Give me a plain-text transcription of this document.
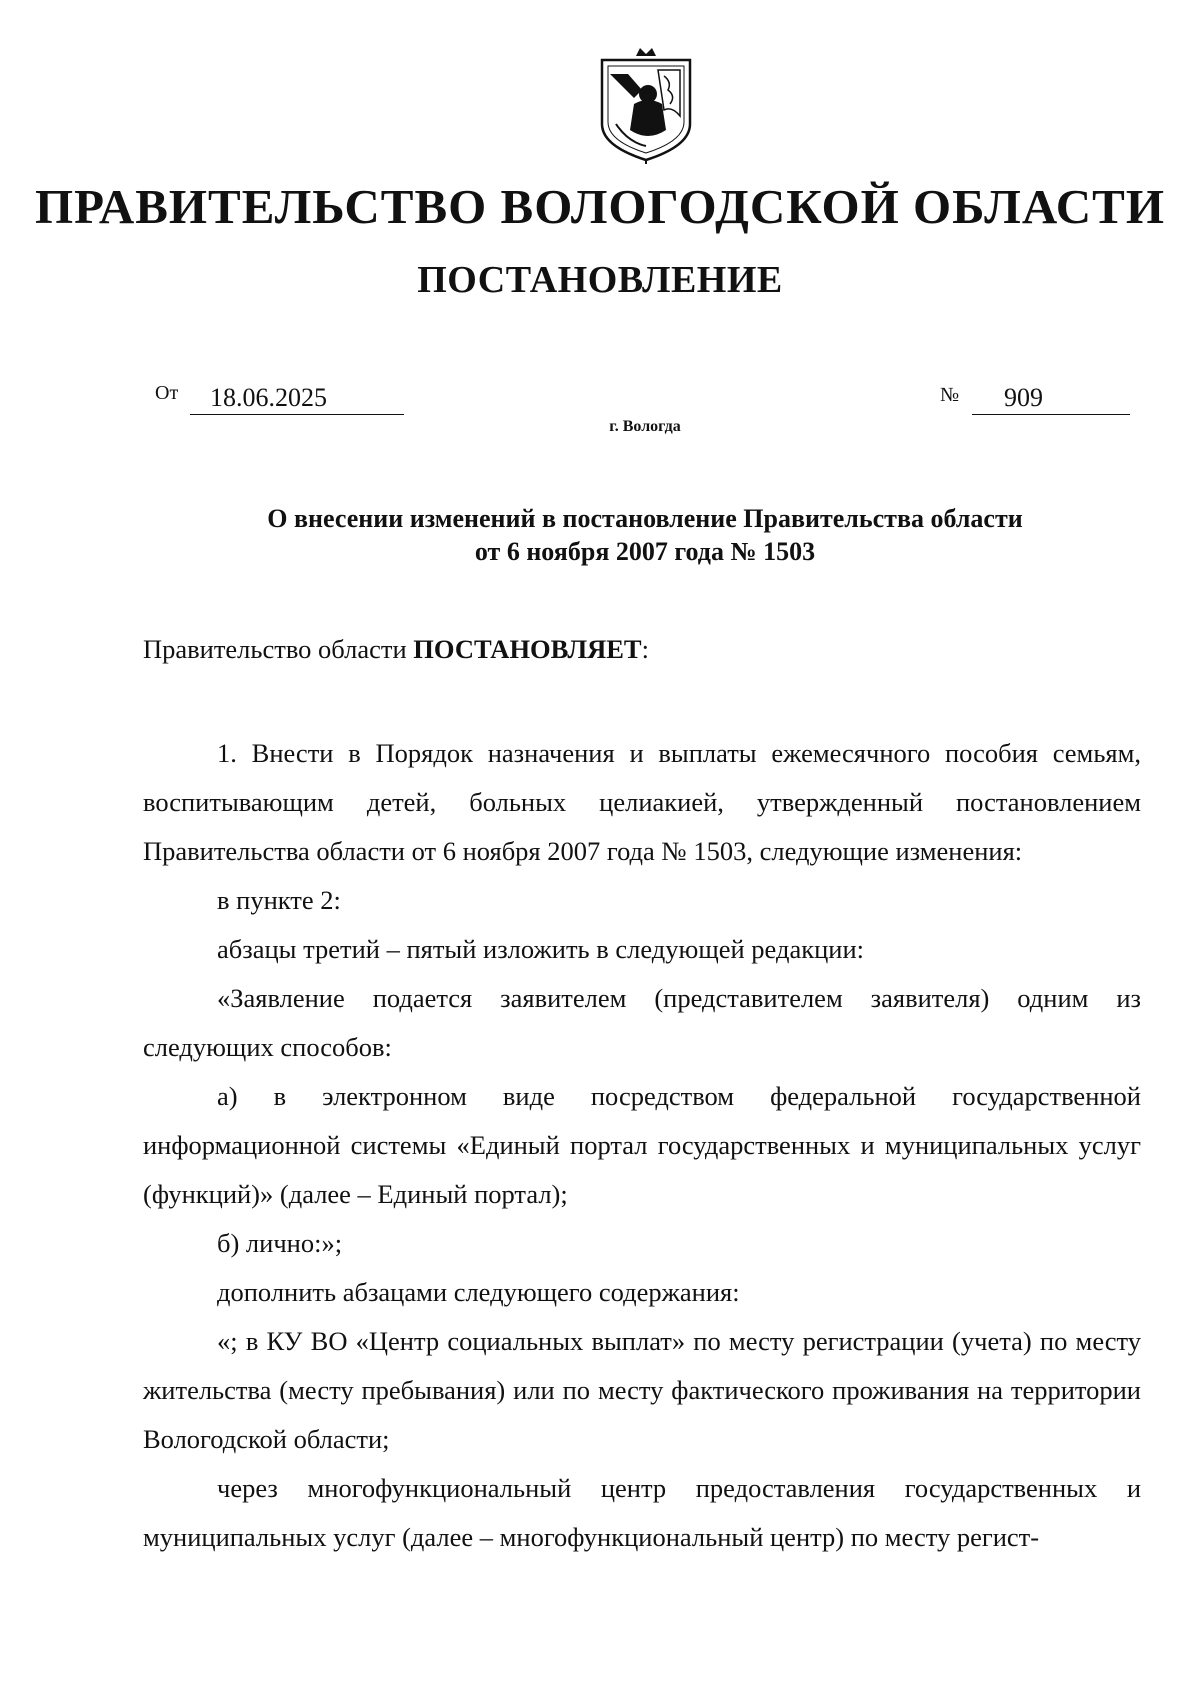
ПРАВИТЕЛЬСТВО ВОЛОГОДСКОЙ ОБЛАСТИ
ПОСТАНОВЛЕНИЕ
От	18.06.2025	№	909
г. Вологда
О внесении изменений в постановление Правительства области
от 6 ноября 2007 года № 1503

Правительство области ПОСТАНОВЛЯЕТ:

1. Внести в Порядок назначения и выплаты ежемесячного пособия семьям, воспитывающим детей, больных целиакией, утвержденный постановлением Правительства области от 6 ноября 2007 года № 1503, следующие изменения:

в пункте 2:

абзацы третий – пятый изложить в следующей редакции:

«Заявление подается заявителем (представителем заявителя) одним из следующих способов:

а) в электронном виде посредством федеральной государственной информационной системы «Единый портал государственных и муниципальных услуг (функций)» (далее – Единый портал);

б) лично:»;

дополнить абзацами следующего содержания:

«; в КУ ВО «Центр социальных выплат» по месту регистрации (учета) по месту жительства (месту пребывания) или по месту фактического проживания на территории Вологодской области;

через многофункциональный центр предоставления государственных и муниципальных услуг (далее – многофункциональный центр) по месту регист-
